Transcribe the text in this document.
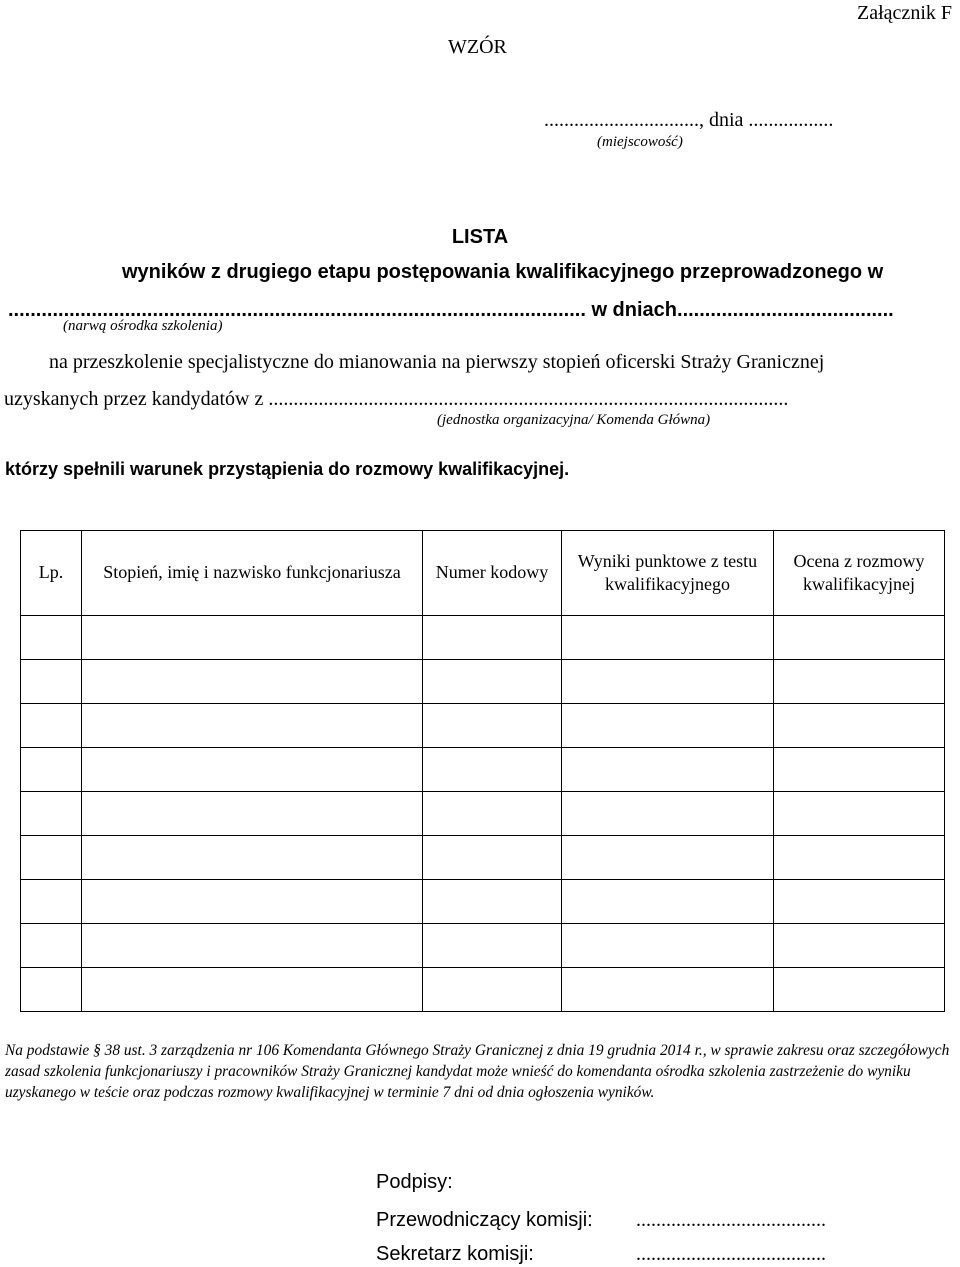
Załącznik F
WZÓR
..............................., dnia .................
(miejscowość)
LISTA
wyników z drugiego etapu postępowania kwalifikacyjnego przeprowadzonego w
........................................................................................................ w dniach.......................................
(narwą ośrodka szkolenia)
na przeszkolenie specjalistyczne do mianowania na pierwszy stopień oficerski Straży Granicznej
uzyskanych przez kandydatów z ........................................................................................................
(jednostka organizacyjna/ Komenda Główna)
którzy spełnili warunek przystąpienia do rozmowy kwalifikacyjnej.
Lp.	Stopień, imię i nazwisko funkcjonariusza	Numer kodowy	Wyniki punktowe z testu kwalifikacyjnego	Ocena z rozmowy kwalifikacyjnej

Na podstawie § 38 ust. 3 zarządzenia nr 106 Komendanta Głównego Straży Granicznej z dnia 19 grudnia 2014 r., w sprawie zakresu oraz szczegółowych zasad szkolenia funkcjonariuszy i pracowników Straży Granicznej kandydat może wnieść do komendanta ośrodka szkolenia zastrzeżenie do wyniku uzyskanego w teście oraz podczas rozmowy kwalifikacyjnej w terminie 7 dni od dnia ogłoszenia wyników.
Podpisy:
Przewodniczący komisji: ......................................
Sekretarz komisji:	......................................
